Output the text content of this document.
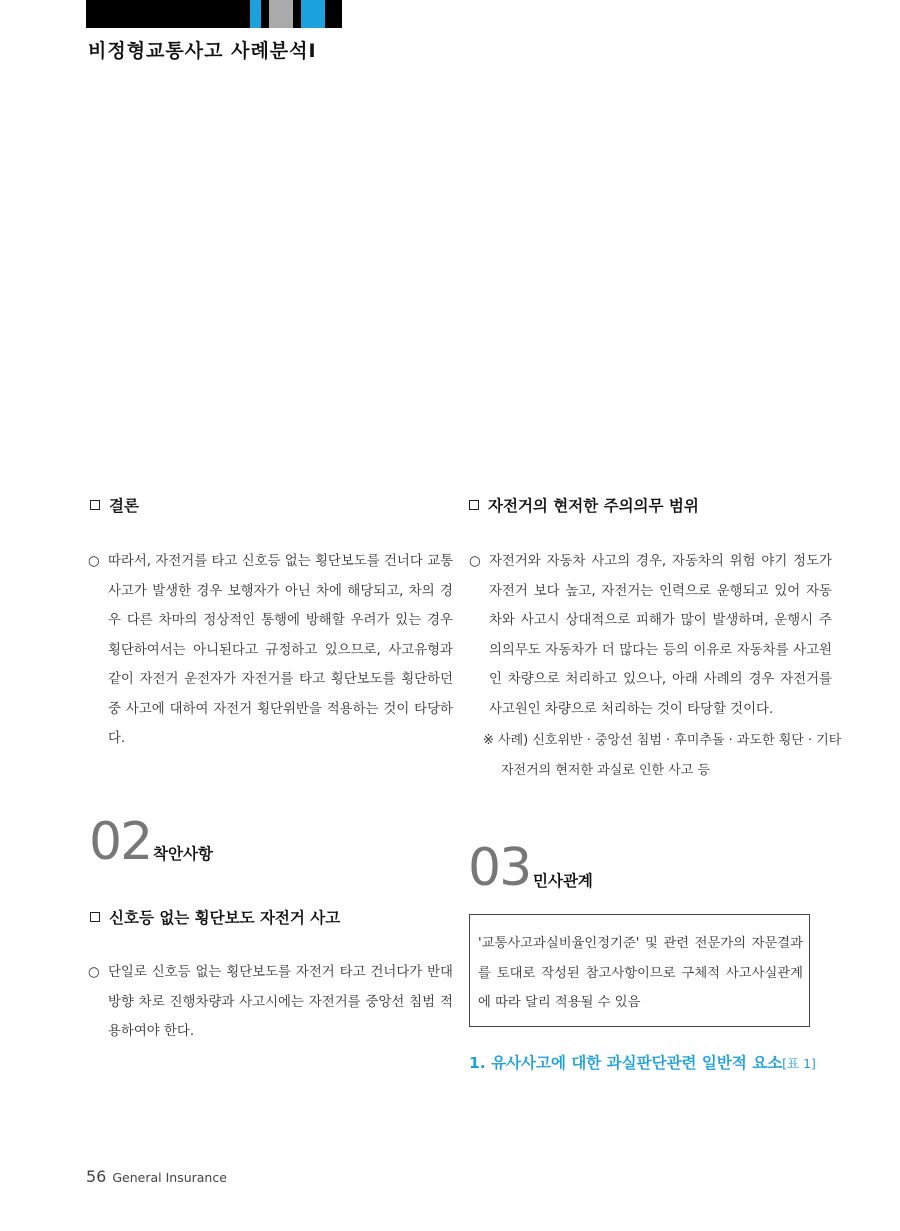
비정형교통사고 사례분석Ⅰ
결론

○ 따라서, 자전거를 타고 신호등 없는 횡단보도를 건너다 교통사고가 발생한 경우 보행자가 아닌 차에 해당되고, 차의 경우 다른 차마의 정상적인 통행에 방해할 우려가 있는 경우 횡단하여서는 아니된다고 규정하고 있으므로, 사고유형과 같이 자전거 운전자가 자전거를 타고 횡단보도를 횡단하던 중 사고에 대하여 자전거 횡단위반을 적용하는 것이 타당하다.

02 착안사항
신호등 없는 횡단보도 자전거 사고

○ 단일로 신호등 없는 횡단보도를 자전거 타고 건너다가 반대방향 차로 진행차량과 사고시에는 자전거를 중앙선 침범 적용하여야 한다.

자전거의 현저한 주의의무 범위

○ 자전거와 자동차 사고의 경우, 자동차의 위험 야기 정도가 자전거 보다 높고, 자전거는 인력으로 운행되고 있어 자동차와 사고시 상대적으로 피해가 많이 발생하며, 운행시 주의의무도 자동차가 더 많다는 등의 이유로 자동차를 사고원인 차량으로 처리하고 있으나, 아래 사례의 경우 자전거를 사고원인 차량으로 처리하는 것이 타당할 것이다.

※ 사례) 신호위반 · 중앙선 침범 · 후미추돌 · 과도한 횡단 · 기타 자전거의 현저한 과실로 인한 사고 등

03 민사관계
'교통사고과실비율인정기준' 및 관련 전문가의 자문결과를 토대로 작성된 참고사항이므로 구체적 사고사실관계에 따라 달리 적용될 수 있음
1. 유사사고에 대한 과실판단관련 일반적 요소[표 1]
56 General Insurance
